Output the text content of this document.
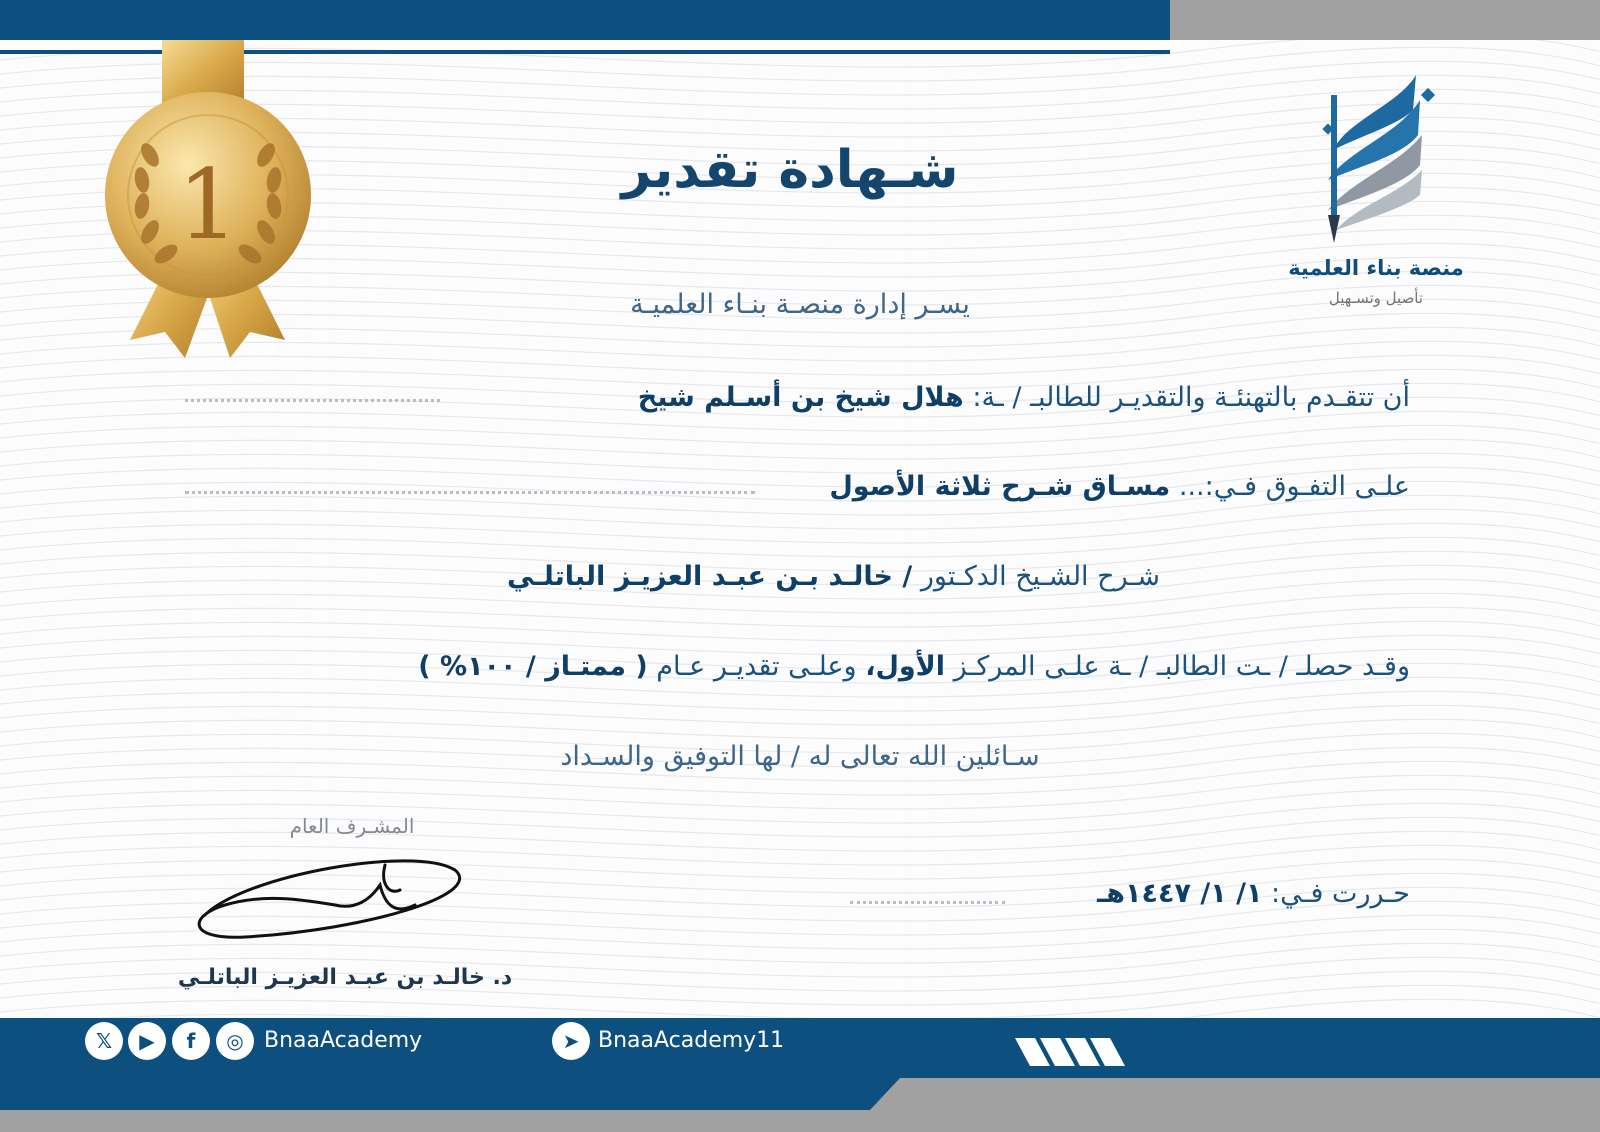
1
منصة بناء العلمية
تأصيل وتسـهيل
شـهادة تقدير
يسـر إدارة منصـة بنـاء العلميـة
أن تتقـدم بالتهنئـة والتقديـر للطالبـ / ـة: هلال شيخ بن أسـلم شيخ
علـى التفـوق فـي:... مسـاق شـرح ثلاثة الأصول
شـرح الشـيخ الدكـتور / خالـد بـن عبـد العزيـز الباتلـي
وقـد حصلـ / ـت الطالبـ / ـة علـى المركـز الأول، وعلـى تقديـر عـام ( ممتـاز / ١٠٠% )
سـائلين الله تعالى له / لها التوفيق والسـداد
حـررت فـي: ١/ ١/ ١٤٤٧هـ
المشـرف العام
د. خالـد بن عبـد العزيـز الباتلـي
𝕏	▶	f	◎ BnaaAcademy	➤ BnaaAcademy11
